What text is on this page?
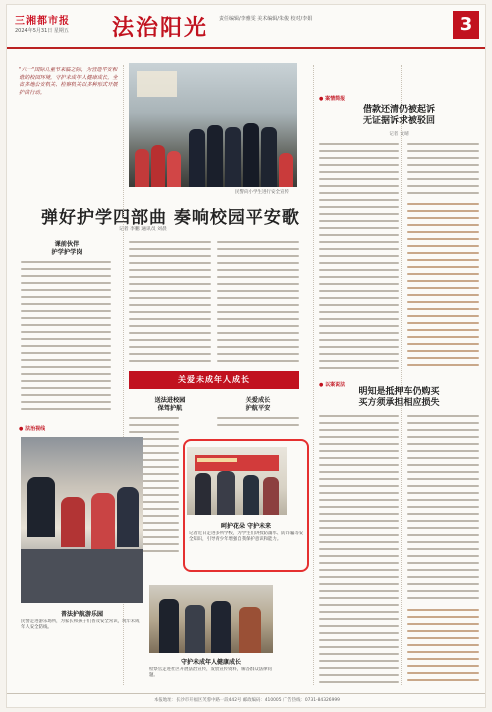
三湘都市报
2024年5月31日 星期五 法治阳光 责任编辑/李雅雯 美术编辑/朱俊 校对/李娟	3
"六一"国际儿童节来临之际，为营造平安和谐的校园环境，守护未成年人健康成长，全省多地公安机关、检察机关以多种形式开展护苗行动。
民警向小学生进行安全宣传
弹好护学四部曲 奏响校园平安歌
记者 李鹏 通讯员 刘晨
课前伙伴
护学护学岗
送法进校园
保驾护航
关爱成长
护航平安
关爱未成年人成长
呵护花朵 守护未来
记者近日走进多所学校，为学生们讲授防溺水、防诈骗等安全知识，引导青少年增强自我保护意识和能力。
● 案情简报
借款还清仍被起诉
无证据诉求被驳回
记者 文晴
● 以案说法
明知是抵押车仍购买
买方须承担相应损失
● 法治视线
普法护航游乐园
民警走进游乐场所，为家长和孩子们普及安全常识，筑牢未成年人安全防线。
守护未成年人健康成长
检察官走进社区开展法治宣传，发放宣传资料，解答群众法律问题。
本报地址：长沙市开福区芙蓉中路一段442号 邮政编码：410005 广告热线：0731-84326999
